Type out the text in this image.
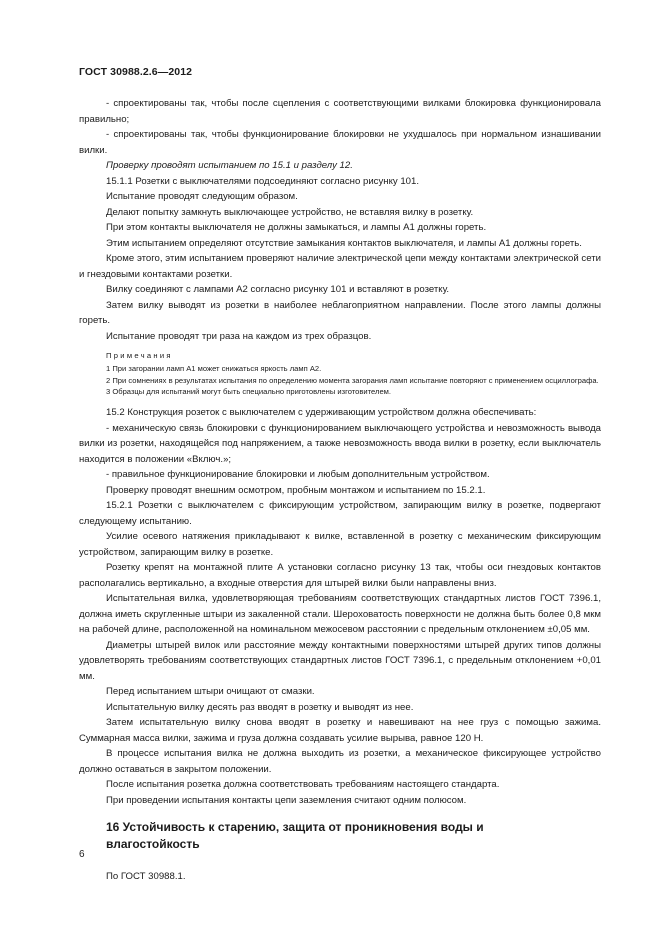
ГОСТ 30988.2.6—2012

- спроектированы так, чтобы после сцепления с соответствующими вилками блокировка функционировала правильно;

- спроектированы так, чтобы функционирование блокировки не ухудшалось при нормальном изнашивании вилки.

Проверку проводят испытанием по 15.1 и разделу 12.

15.1.1 Розетки с выключателями подсоединяют согласно рисунку 101.

Испытание проводят следующим образом.

Делают попытку замкнуть выключающее устройство, не вставляя вилку в розетку.

При этом контакты выключателя не должны замыкаться, и лампы А1 должны гореть.

Этим испытанием определяют отсутствие замыкания контактов выключателя, и лампы А1 должны гореть.

Кроме этого, этим испытанием проверяют наличие электрической цепи между контактами электрической сети и гнездовыми контактами розетки.

Вилку соединяют с лампами А2 согласно рисунку 101 и вставляют в розетку.

Затем вилку выводят из розетки в наиболее неблагоприятном направлении. После этого лампы должны гореть.

Испытание проводят три раза на каждом из трех образцов.

Примечания

1 При загорании ламп А1 может снижаться яркость ламп А2.

2 При сомнениях в результатах испытания по определению момента загорания ламп испытание повторяют с применением осциллографа.

3 Образцы для испытаний могут быть специально приготовлены изготовителем.

15.2 Конструкция розеток с выключателем с удерживающим устройством должна обеспечивать:

- механическую связь блокировки с функционированием выключающего устройства и невозможность вывода вилки из розетки, находящейся под напряжением, а также невозможность ввода вилки в розетку, если выключатель находится в положении «Включ.»;

- правильное функционирование блокировки и любым дополнительным устройством.

Проверку проводят внешним осмотром, пробным монтажом и испытанием по 15.2.1.

15.2.1 Розетки с выключателем с фиксирующим устройством, запирающим вилку в розетке, подвергают следующему испытанию.

Усилие осевого натяжения прикладывают к вилке, вставленной в розетку с механическим фиксирующим устройством, запирающим вилку в розетке.

Розетку крепят на монтажной плите А установки согласно рисунку 13 так, чтобы оси гнездовых контактов располагались вертикально, а входные отверстия для штырей вилки были направлены вниз.

Испытательная вилка, удовлетворяющая требованиям соответствующих стандартных листов ГОСТ 7396.1, должна иметь скругленные штыри из закаленной стали. Шероховатость поверхности не должна быть более 0,8 мкм на рабочей длине, расположенной на номинальном межосевом расстоянии с предельным отклонением ±0,05 мм.

Диаметры штырей вилок или расстояние между контактными поверхностями штырей других типов должны удовлетворять требованиям соответствующих стандартных листов ГОСТ 7396.1, с предельным отклонением +0,01 мм.

Перед испытанием штыри очищают от смазки.

Испытательную вилку десять раз вводят в розетку и выводят из нее.

Затем испытательную вилку снова вводят в розетку и навешивают на нее груз с помощью зажима. Суммарная масса вилки, зажима и груза должна создавать усилие вырыва, равное 120 Н.

В процессе испытания вилка не должна выходить из розетки, а механическое фиксирующее устройство должно оставаться в закрытом положении.

После испытания розетка должна соответствовать требованиям настоящего стандарта.

При проведении испытания контакты цепи заземления считают одним полюсом.

16 Устойчивость к старению, защита от проникновения воды и влагостойкость

По ГОСТ 30988.1.

6
